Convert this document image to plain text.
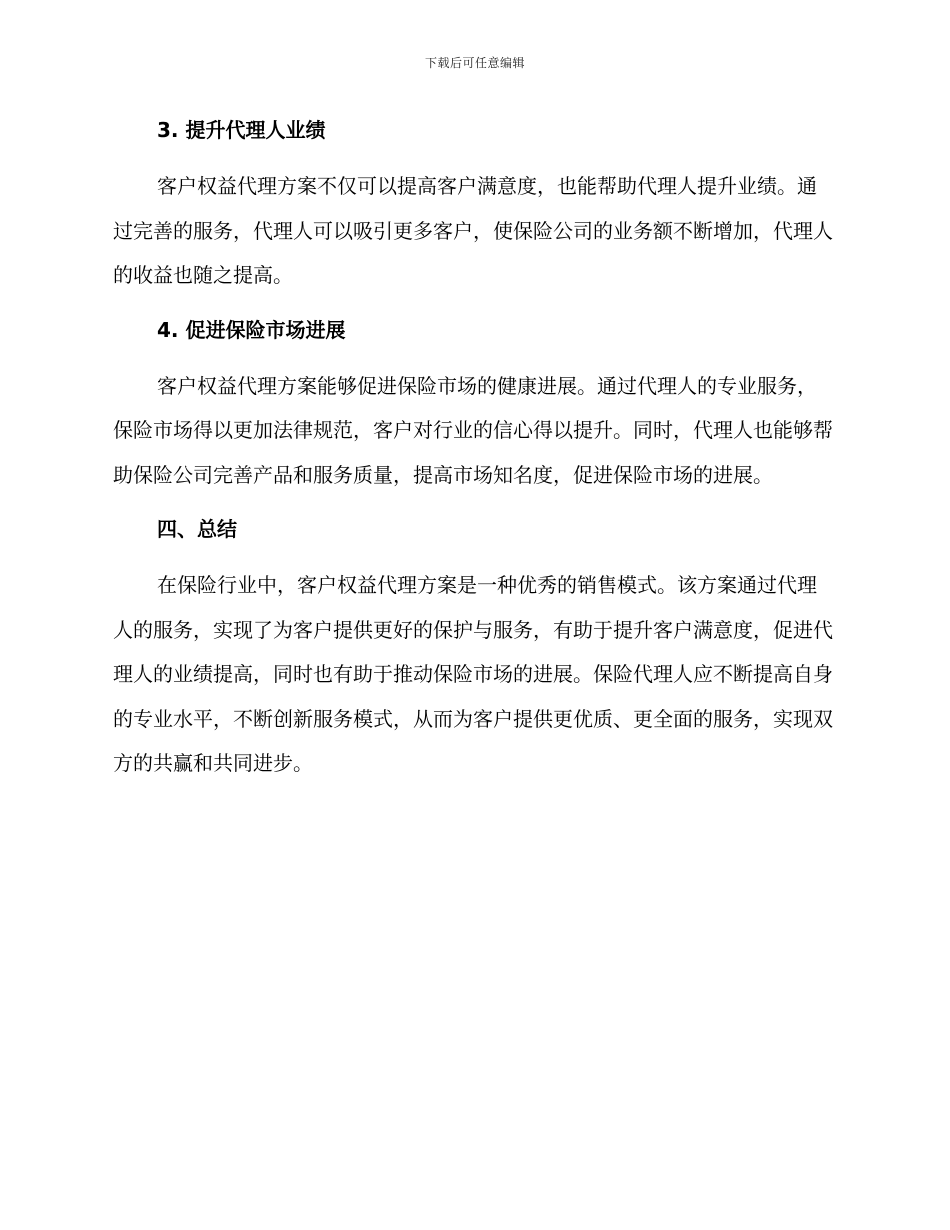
下载后可任意编辑
3. 提升代理人业绩

客户权益代理方案不仅可以提高客户满意度，也能帮助代理人提升业绩。通过完善的服务，代理人可以吸引更多客户，使保险公司的业务额不断增加，代理人的收益也随之提高。

4. 促进保险市场进展

客户权益代理方案能够促进保险市场的健康进展。通过代理人的专业服务，保险市场得以更加法律规范，客户对行业的信心得以提升。同时，代理人也能够帮助保险公司完善产品和服务质量，提高市场知名度，促进保险市场的进展。

四、总结

在保险行业中，客户权益代理方案是一种优秀的销售模式。该方案通过代理人的服务，实现了为客户提供更好的保护与服务，有助于提升客户满意度，促进代理人的业绩提高，同时也有助于推动保险市场的进展。保险代理人应不断提高自身的专业水平，不断创新服务模式，从而为客户提供更优质、更全面的服务，实现双方的共赢和共同进步。
